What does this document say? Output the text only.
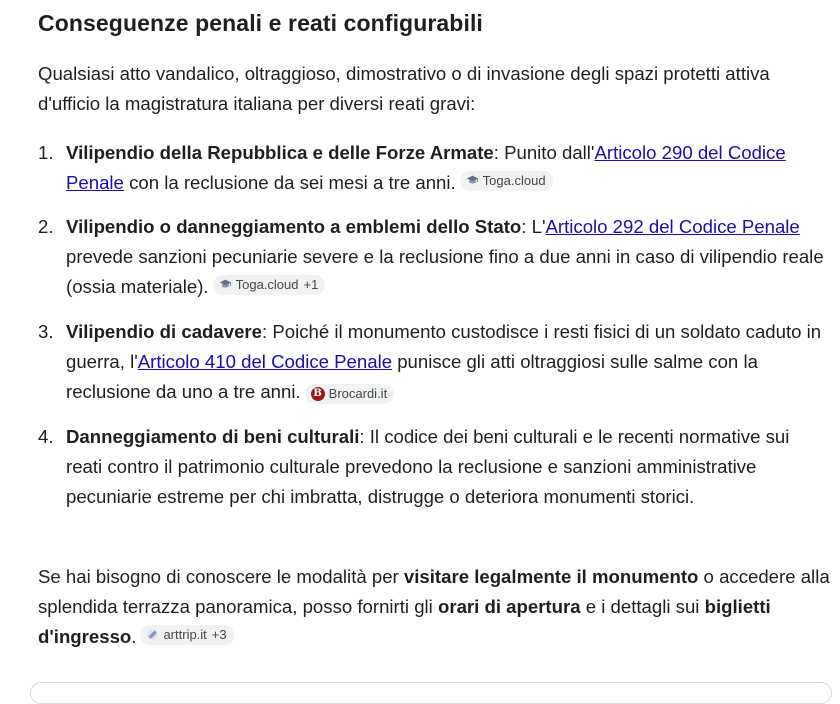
Conseguenze penali e reati configurabili
Qualsiasi atto vandalico, oltraggioso, dimostrativo o di invasione degli spazi protetti attiva d'ufficio la magistratura italiana per diversi reati gravi:
1. Vilipendio della Repubblica e delle Forze Armate: Punito dall'Articolo 290 del Codice Penale con la reclusione da sei mesi a tre anni. Toga.cloud
2. Vilipendio o danneggiamento a emblemi dello Stato: L'Articolo 292 del Codice Penale prevede sanzioni pecuniarie severe e la reclusione fino a due anni in caso di vilipendio reale (ossia materiale). Toga.cloud +1
3. Vilipendio di cadavere: Poiché il monumento custodisce i resti fisici di un soldato caduto in guerra, l'Articolo 410 del Codice Penale punisce gli atti oltraggiosi sulle salme con la reclusione da uno a tre anni. B Brocardi.it
4. Danneggiamento di beni culturali: Il codice dei beni culturali e le recenti normative sui reati contro il patrimonio culturale prevedono la reclusione e sanzioni amministrative pecuniarie estreme per chi imbratta, distrugge o deteriora monumenti storici.
Se hai bisogno di conoscere le modalità per visitare legalmente il monumento o accedere alla splendida terrazza panoramica, posso fornirti gli orari di apertura e i dettagli sui biglietti d'ingresso. arttrip.it +3
